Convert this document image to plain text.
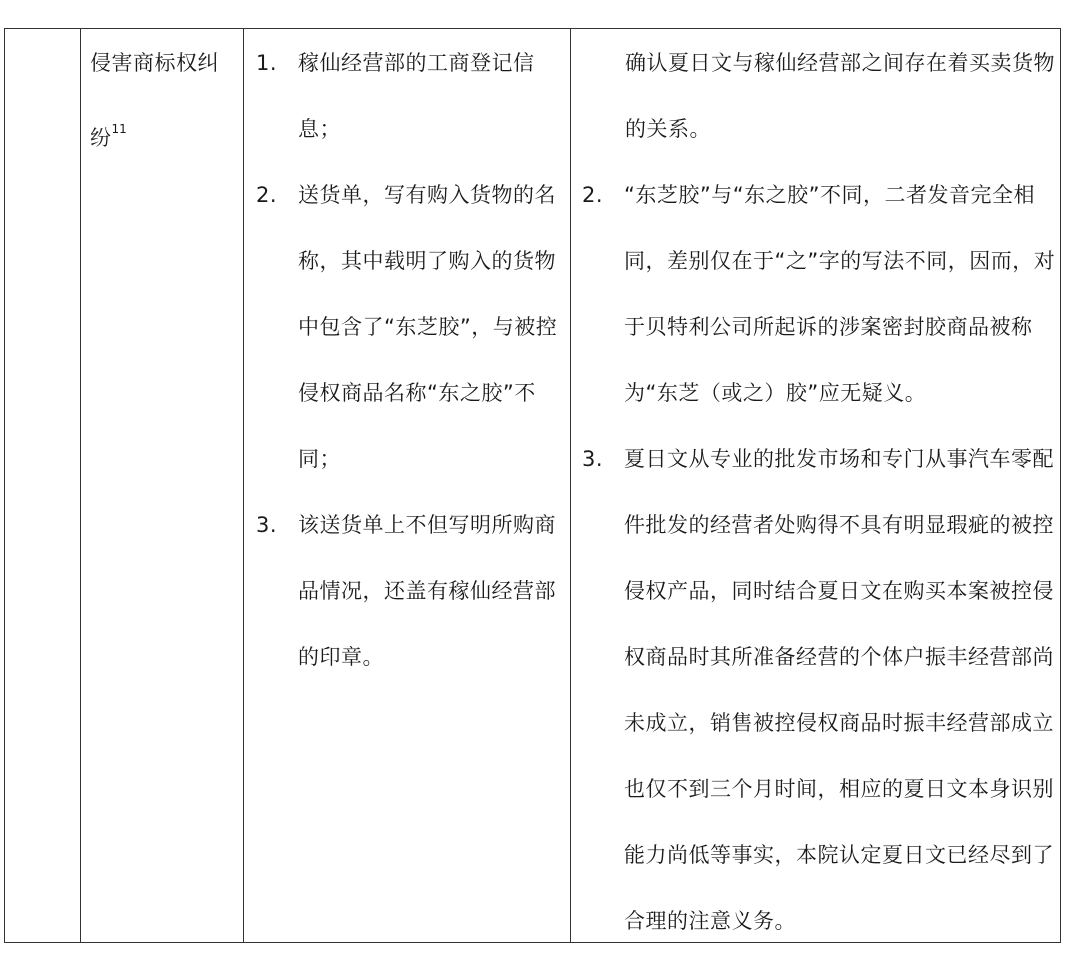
侵害商标权纠纷$^{11}$

1. 稼仙经营部的工商登记信息；

2. 送货单，写有购入货物的名称，其中载明了购入的货物中包含了“东芝胶”，与被控侵权商品名称“东之胶”不同；

3. 该送货单上不但写明所购商品情况，还盖有稼仙经营部的印章。

确认夏日文与稼仙经营部之间存在着买卖货物的关系。

2. “东芝胶”与“东之胶”不同，二者发音完全相同，差别仅在于“之”字的写法不同，因而，对于贝特利公司所起诉的涉案密封胶商品被称为“东芝（或之）胶”应无疑义。

3. 夏日文从专业的批发市场和专门从事汽车零配件批发的经营者处购得不具有明显瑕疵的被控侵权产品，同时结合夏日文在购买本案被控侵权商品时其所准备经营的个体户振丰经营部尚未成立，销售被控侵权商品时振丰经营部成立也仅不到三个月时间，相应的夏日文本身识别能力尚低等事实，本院认定夏日文已经尽到了合理的注意义务。
